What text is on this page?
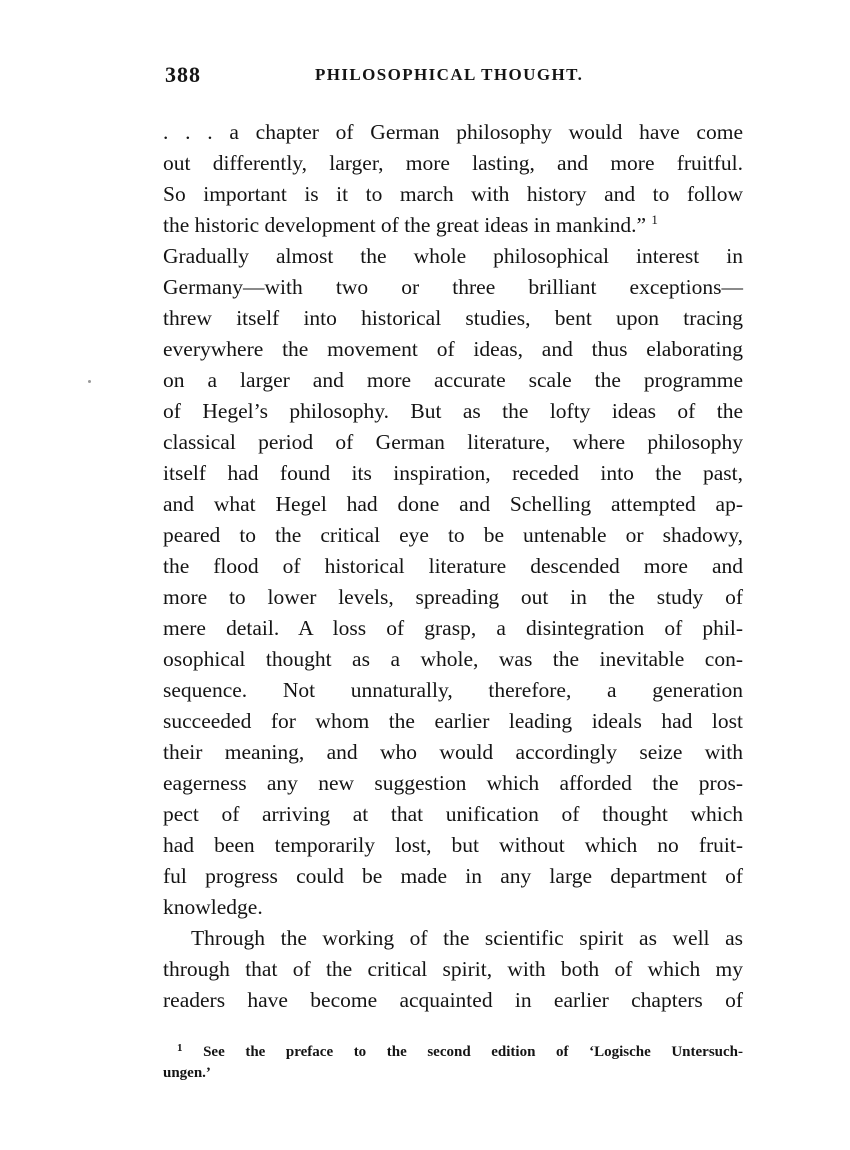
388	PHILOSOPHICAL THOUGHT.
. . . a chapter of German philosophy would have come
out differently, larger, more lasting, and more fruitful.
So important is it to march with history and to follow
the historic development of the great ideas in mankind.” $^1$
Gradually almost the whole philosophical interest in
Germany—with two or three brilliant exceptions—
threw itself into historical studies, bent upon tracing
everywhere the movement of ideas, and thus elaborating
on a larger and more accurate scale the programme
of Hegel’s philosophy. But as the lofty ideas of the
classical period of German literature, where philosophy
itself had found its inspiration, receded into the past,
and what Hegel had done and Schelling attempted ap-
peared to the critical eye to be untenable or shadowy,
the flood of historical literature descended more and
more to lower levels, spreading out in the study of
mere detail. A loss of grasp, a disintegration of phil-
osophical thought as a whole, was the inevitable con-
sequence. Not unnaturally, therefore, a generation
succeeded for whom the earlier leading ideals had lost
their meaning, and who would accordingly seize with
eagerness any new suggestion which afforded the pros-
pect of arriving at that unification of thought which
had been temporarily lost, but without which no fruit-
ful progress could be made in any large department of
knowledge.
Through the working of the scientific spirit as well as
through that of the critical spirit, with both of which my
readers have become acquainted in earlier chapters of
$^1$ See the preface to the second edition of ‘Logische Untersuch-
ungen.’
